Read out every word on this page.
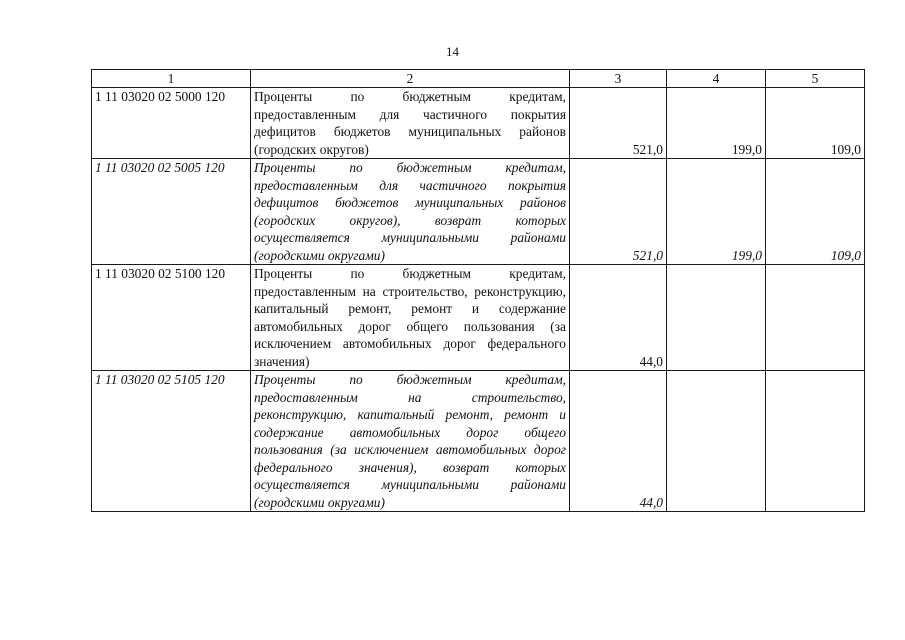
14
1	2	3	4	5
1 11 03020 02 5000 120	Проценты по бюджетным кредитам, предоставленным для частичного покрытия дефицитов бюджетов муниципальных районов (городских округов)	521,0	199,0	109,0
1 11 03020 02 5005 120	Проценты по бюджетным кредитам, предоставленным для частичного покрытия дефицитов бюджетов муниципальных районов (городских округов), возврат которых осуществляется муниципальными районами (городскими округами)	521,0	199,0	109,0
1 11 03020 02 5100 120	Проценты по бюджетным кредитам, предоставленным на строительство, реконструкцию, капитальный ремонт, ремонт и содержание автомобильных дорог общего пользования (за исключением автомобильных дорог федерального значения)	44,0		
1 11 03020 02 5105 120	Проценты по бюджетным кредитам, предоставленным на строительство, реконструкцию, капитальный ремонт, ремонт и содержание автомобильных дорог общего пользования (за исключением автомобильных дорог федерального значения), возврат которых осуществляется муниципальными районами (городскими округами)	44,0		
